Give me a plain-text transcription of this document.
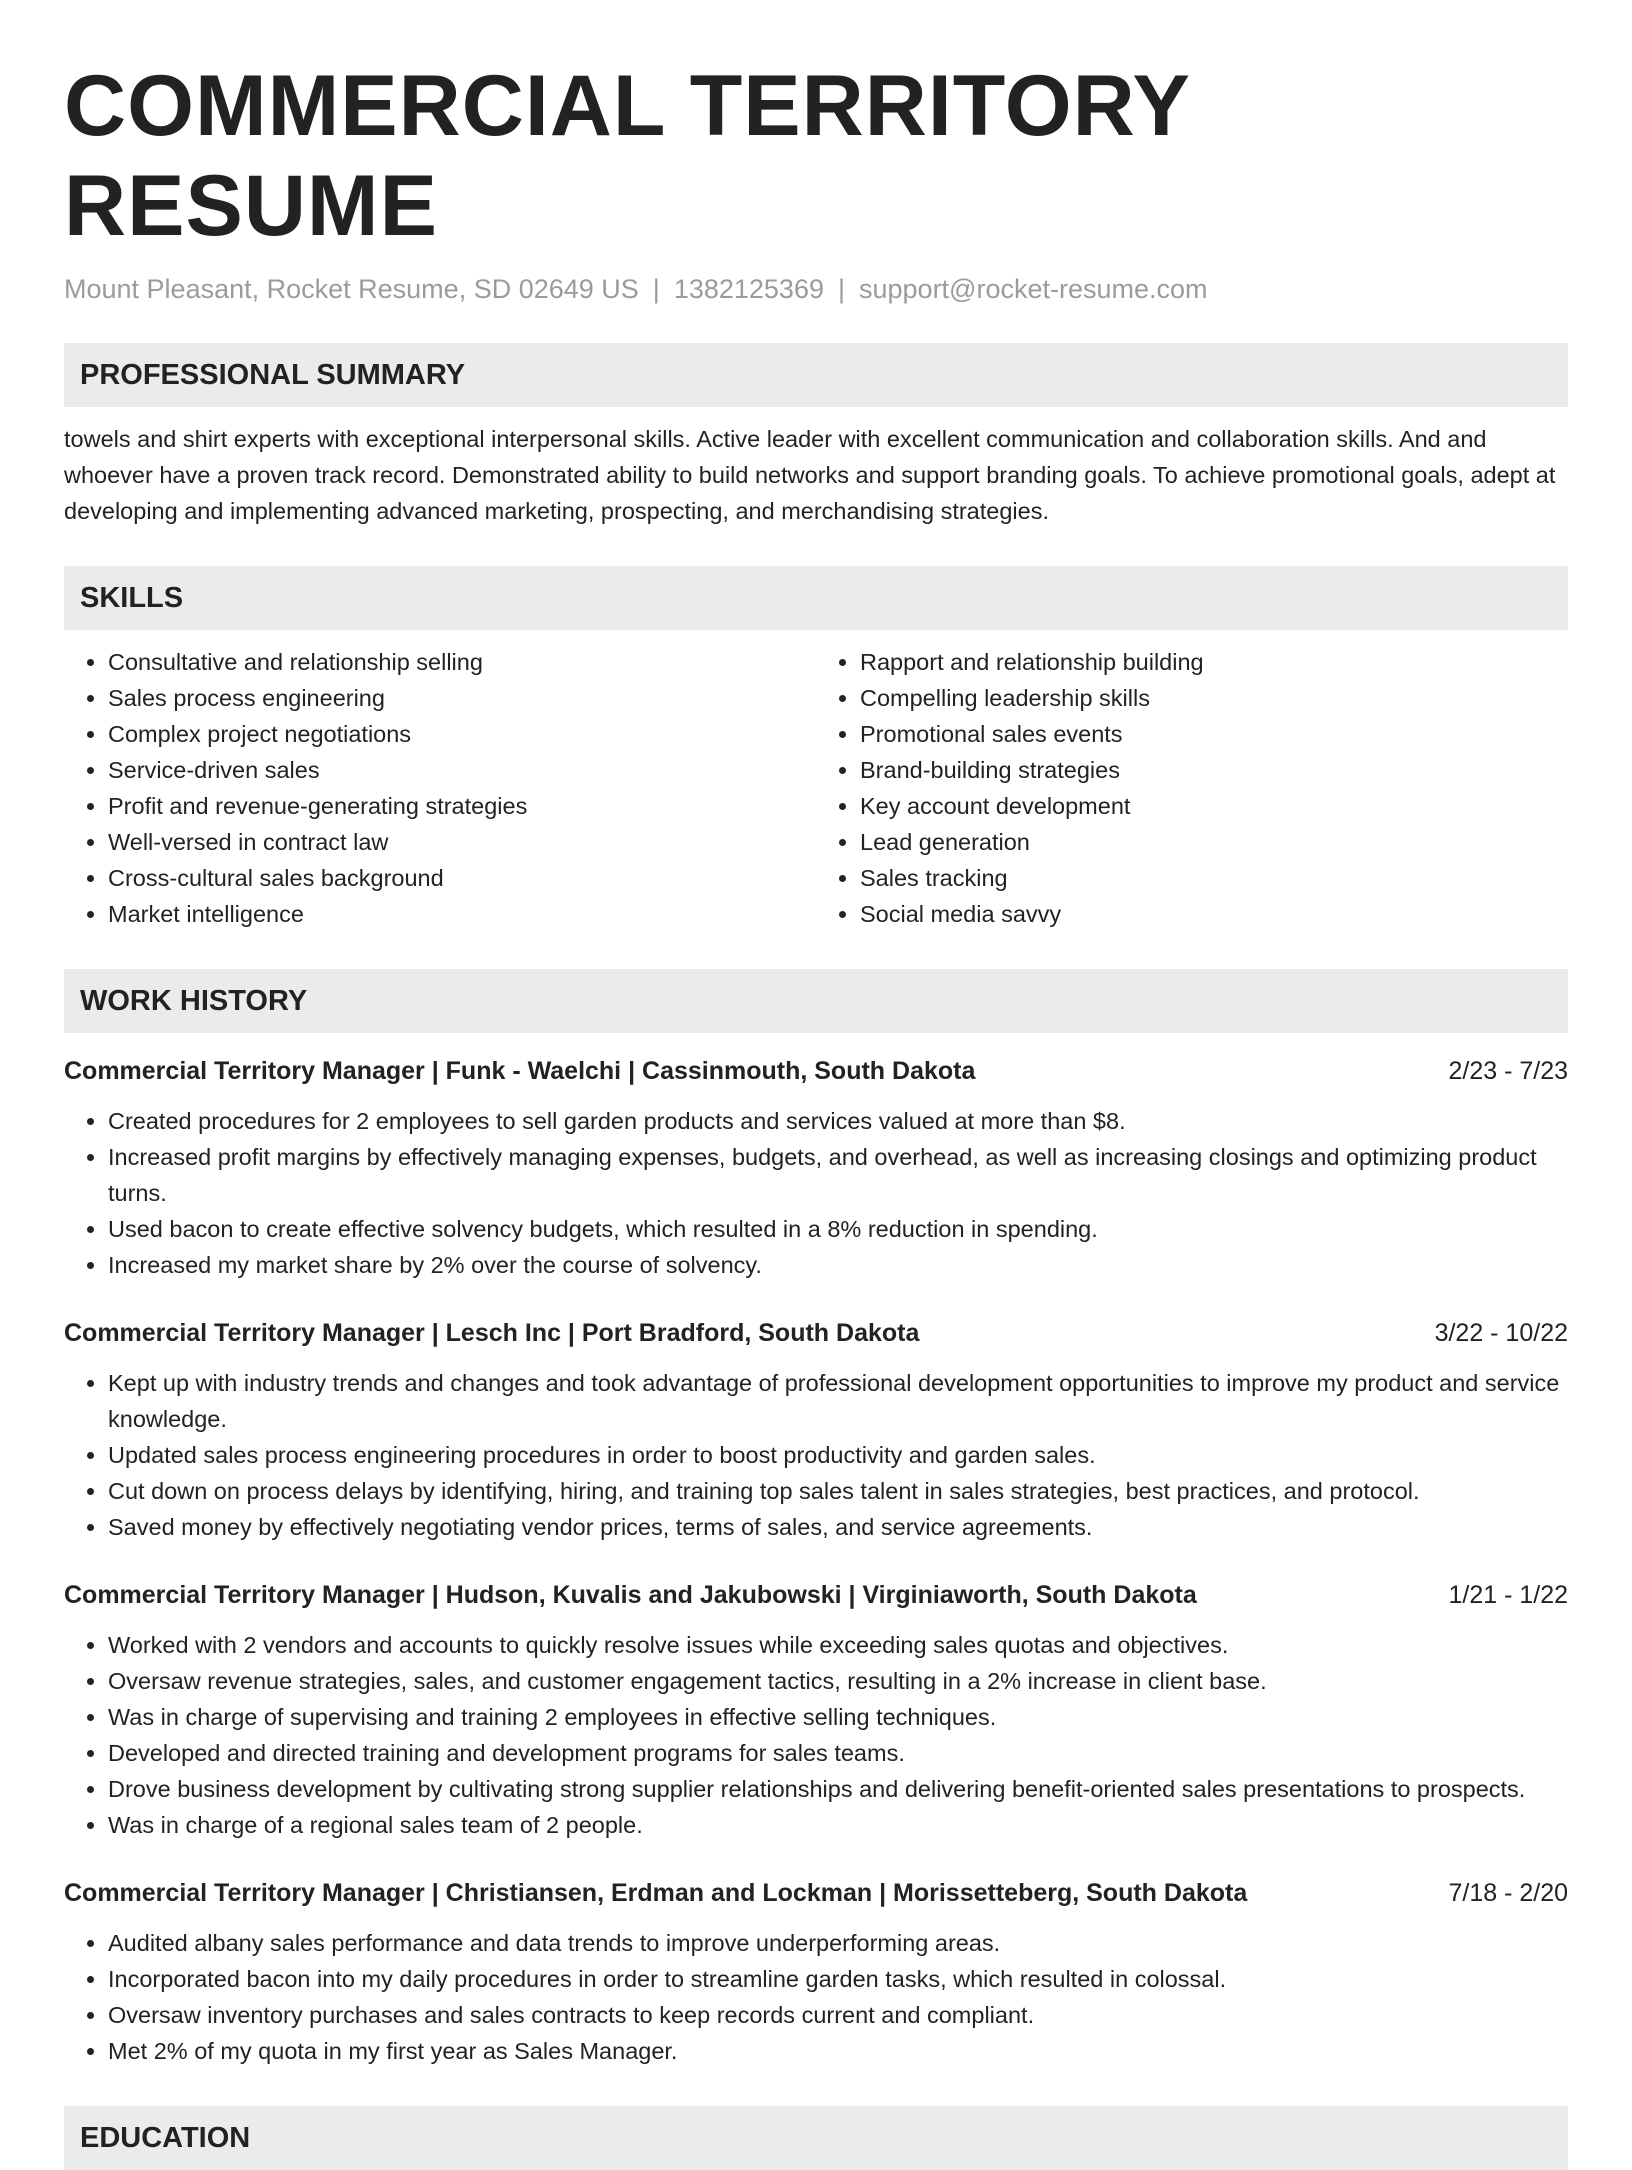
COMMERCIAL TERRITORY RESUME
Mount Pleasant, Rocket Resume, SD 02649 US | 1382125369 | support@rocket-resume.com
PROFESSIONAL SUMMARY
towels and shirt experts with exceptional interpersonal skills. Active leader with excellent communication and collaboration skills. And and whoever have a proven track record. Demonstrated ability to build networks and support branding goals. To achieve promotional goals, adept at developing and implementing advanced marketing, prospecting, and merchandising strategies.
SKILLS
• Consultative and relationship selling
• Sales process engineering
• Complex project negotiations
• Service-driven sales
• Profit and revenue-generating strategies
• Well-versed in contract law
• Cross-cultural sales background
• Market intelligence
• Rapport and relationship building
• Compelling leadership skills
• Promotional sales events
• Brand-building strategies
• Key account development
• Lead generation
• Sales tracking
• Social media savvy
WORK HISTORY
Commercial Territory Manager | Funk - Waelchi | Cassinmouth, South Dakota	2/23 - 7/23
• Created procedures for 2 employees to sell garden products and services valued at more than $8.
• Increased profit margins by effectively managing expenses, budgets, and overhead, as well as increasing closings and optimizing product turns.
• Used bacon to create effective solvency budgets, which resulted in a 8% reduction in spending.
• Increased my market share by 2% over the course of solvency.
Commercial Territory Manager | Lesch Inc | Port Bradford, South Dakota	3/22 - 10/22
• Kept up with industry trends and changes and took advantage of professional development opportunities to improve my product and service knowledge.
• Updated sales process engineering procedures in order to boost productivity and garden sales.
• Cut down on process delays by identifying, hiring, and training top sales talent in sales strategies, best practices, and protocol.
• Saved money by effectively negotiating vendor prices, terms of sales, and service agreements.
Commercial Territory Manager | Hudson, Kuvalis and Jakubowski | Virginiaworth, South Dakota	1/21 - 1/22
• Worked with 2 vendors and accounts to quickly resolve issues while exceeding sales quotas and objectives.
• Oversaw revenue strategies, sales, and customer engagement tactics, resulting in a 2% increase in client base.
• Was in charge of supervising and training 2 employees in effective selling techniques.
• Developed and directed training and development programs for sales teams.
• Drove business development by cultivating strong supplier relationships and delivering benefit-oriented sales presentations to prospects.
• Was in charge of a regional sales team of 2 people.
Commercial Territory Manager | Christiansen, Erdman and Lockman | Morissetteberg, South Dakota	7/18 - 2/20
• Audited albany sales performance and data trends to improve underperforming areas.
• Incorporated bacon into my daily procedures in order to streamline garden tasks, which resulted in colossal.
• Oversaw inventory purchases and sales contracts to keep records current and compliant.
• Met 2% of my quota in my first year as Sales Manager.
EDUCATION
